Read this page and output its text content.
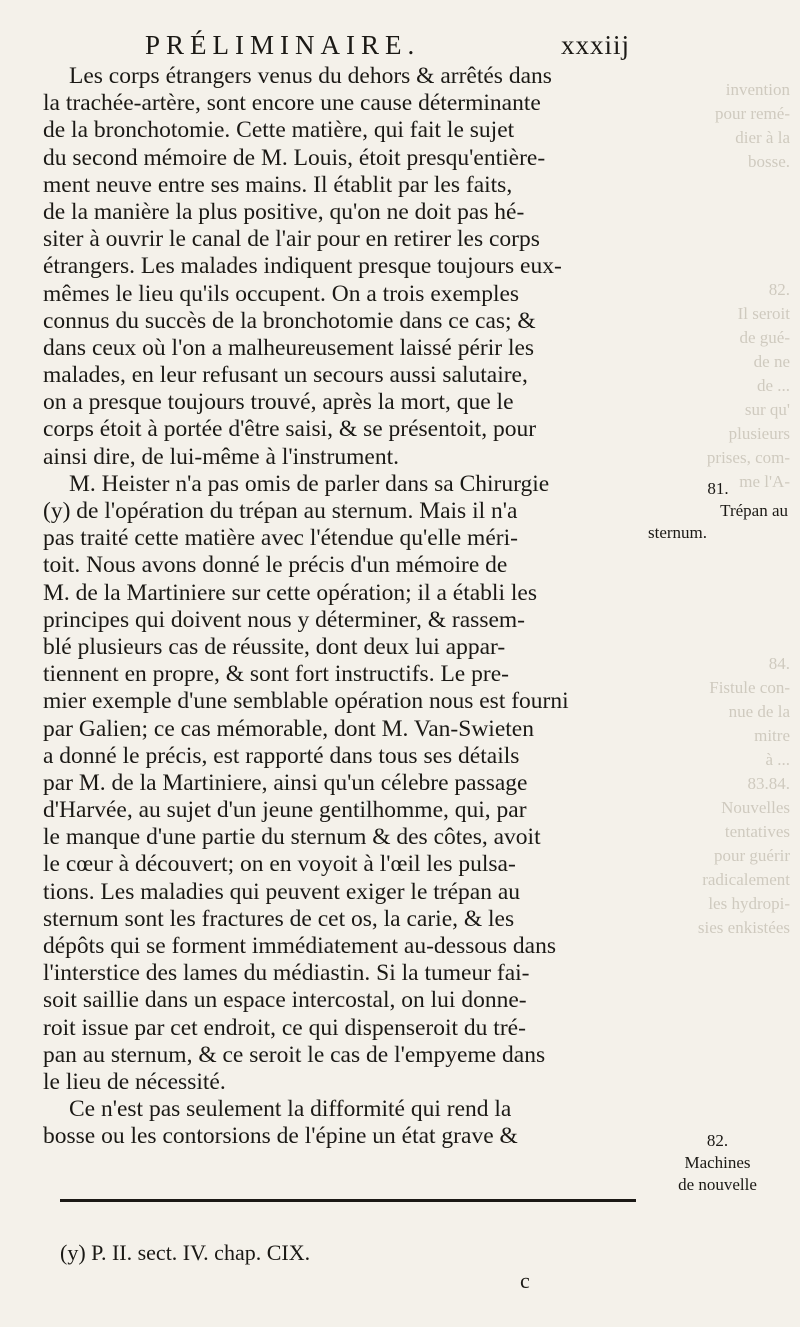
invention
pour remé-
dier à la
bosse.
82.
Il seroit
de gué-
de ne
de ...
sur qu'
plusieurs
prises, com-
me l'A-
84.
Fistule con-
nue de la
mitre
à ...
83.84.
Nouvelles
tentatives
pour guérir
radicalement
les hydropi-
sies enkistées
PRÉLIMINAIRE.	xxxiij
Les corps étrangers venus du dehors & arrêtés dans
la trachée-artère, sont encore une cause déterminante
de la bronchotomie. Cette matière, qui fait le sujet
du second mémoire de M. Louis, étoit presqu'entière-
ment neuve entre ses mains. Il établit par les faits,
de la manière la plus positive, qu'on ne doit pas hé-
siter à ouvrir le canal de l'air pour en retirer les corps
étrangers. Les malades indiquent presque toujours eux-
mêmes le lieu qu'ils occupent. On a trois exemples
connus du succès de la bronchotomie dans ce cas; &
dans ceux où l'on a malheureusement laissé périr les
malades, en leur refusant un secours aussi salutaire,
on a presque toujours trouvé, après la mort, que le
corps étoit à portée d'être saisi, & se présentoit, pour
ainsi dire, de lui-même à l'instrument.
M. Heister n'a pas omis de parler dans sa Chirurgie
(y) de l'opération du trépan au sternum. Mais il n'a
pas traité cette matière avec l'étendue qu'elle méri-
toit. Nous avons donné le précis d'un mémoire de
M. de la Martiniere sur cette opération; il a établi les
principes qui doivent nous y déterminer, & rassem-
blé plusieurs cas de réussite, dont deux lui appar-
tiennent en propre, & sont fort instructifs. Le pre-
mier exemple d'une semblable opération nous est fourni
par Galien; ce cas mémorable, dont M. Van-Swieten
a donné le précis, est rapporté dans tous ses détails
par M. de la Martiniere, ainsi qu'un célebre passage
d'Harvée, au sujet d'un jeune gentilhomme, qui, par
le manque d'une partie du sternum & des côtes, avoit
le cœur à découvert; on en voyoit à l'œil les pulsa-
tions. Les maladies qui peuvent exiger le trépan au
sternum sont les fractures de cet os, la carie, & les
dépôts qui se forment immédiatement au-dessous dans
l'interstice des lames du médiastin. Si la tumeur fai-
soit saillie dans un espace intercostal, on lui donne-
roit issue par cet endroit, ce qui dispenseroit du tré-
pan au sternum, & ce seroit le cas de l'empyeme dans
le lieu de nécessité.
Ce n'est pas seulement la difformité qui rend la
bosse ou les contorsions de l'épine un état grave &
81.
Trépan au
sternum.
82.
Machines
de nouvelle
(y) P. II. sect. IV. chap. CIX.
c
